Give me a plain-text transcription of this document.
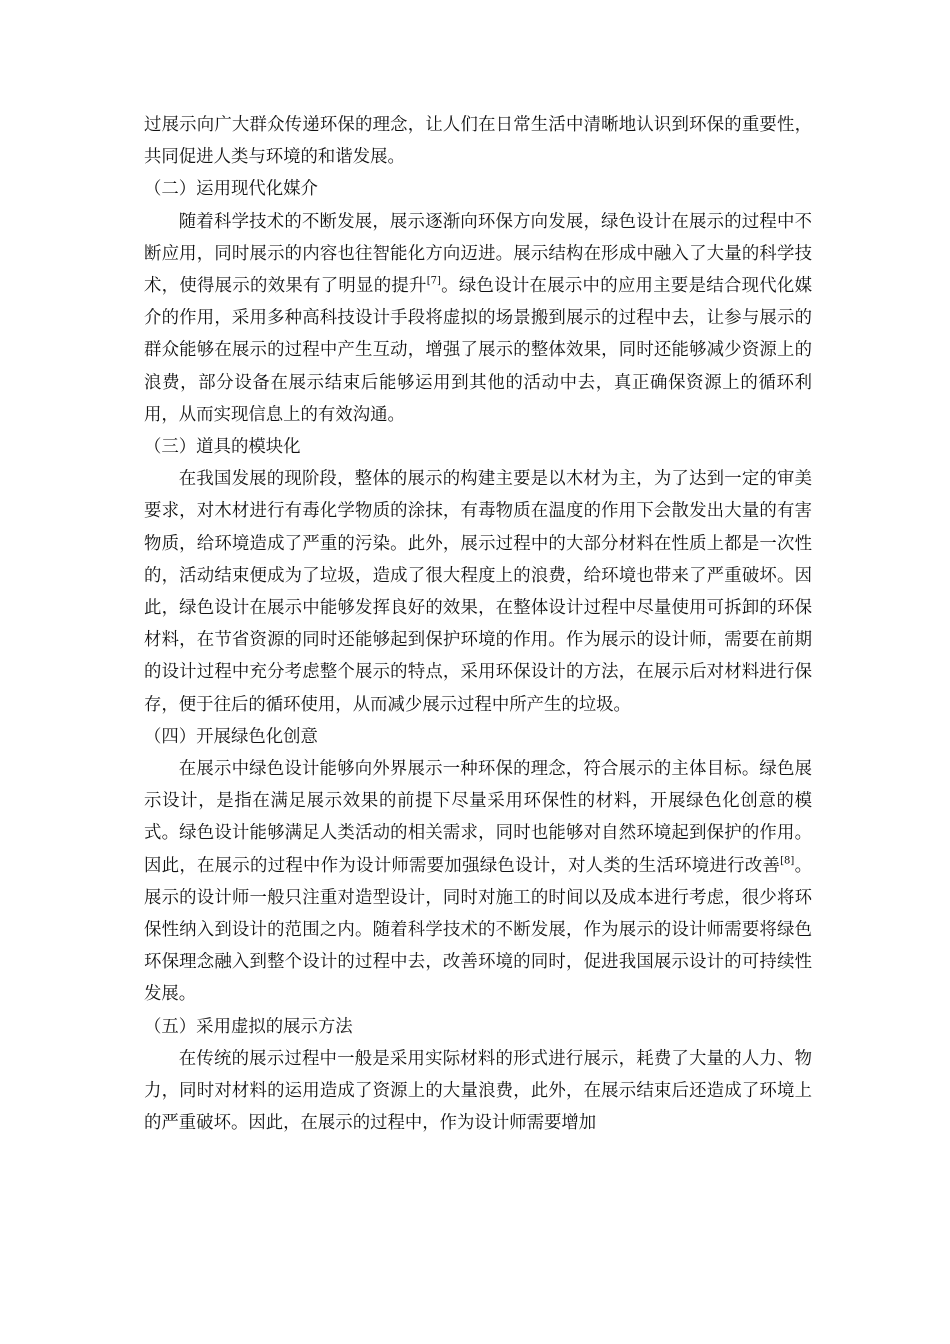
过展示向广大群众传递环保的理念，让人们在日常生活中清晰地认识到环保的重要性，共同促进人类与环境的和谐发展。

（二）运用现代化媒介

随着科学技术的不断发展，展示逐渐向环保方向发展，绿色设计在展示的过程中不断应用，同时展示的内容也往智能化方向迈进。展示结构在形成中融入了大量的科学技术，使得展示的效果有了明显的提升[7]。绿色设计在展示中的应用主要是结合现代化媒介的作用，采用多种高科技设计手段将虚拟的场景搬到展示的过程中去，让参与展示的群众能够在展示的过程中产生互动，增强了展示的整体效果，同时还能够减少资源上的浪费，部分设备在展示结束后能够运用到其他的活动中去，真正确保资源上的循环利用，从而实现信息上的有效沟通。

（三）道具的模块化

在我国发展的现阶段，整体的展示的构建主要是以木材为主，为了达到一定的审美要求，对木材进行有毒化学物质的涂抹，有毒物质在温度的作用下会散发出大量的有害物质，给环境造成了严重的污染。此外，展示过程中的大部分材料在性质上都是一次性的，活动结束便成为了垃圾，造成了很大程度上的浪费，给环境也带来了严重破坏。因此，绿色设计在展示中能够发挥良好的效果，在整体设计过程中尽量使用可拆卸的环保材料，在节省资源的同时还能够起到保护环境的作用。作为展示的设计师，需要在前期的设计过程中充分考虑整个展示的特点，采用环保设计的方法，在展示后对材料进行保存，便于往后的循环使用，从而减少展示过程中所产生的垃圾。

（四）开展绿色化创意

在展示中绿色设计能够向外界展示一种环保的理念，符合展示的主体目标。绿色展示设计，是指在满足展示效果的前提下尽量采用环保性的材料，开展绿色化创意的模式。绿色设计能够满足人类活动的相关需求，同时也能够对自然环境起到保护的作用。因此，在展示的过程中作为设计师需要加强绿色设计，对人类的生活环境进行改善[8]。展示的设计师一般只注重对造型设计，同时对施工的时间以及成本进行考虑，很少将环保性纳入到设计的范围之内。随着科学技术的不断发展，作为展示的设计师需要将绿色环保理念融入到整个设计的过程中去，改善环境的同时，促进我国展示设计的可持续性发展。

（五）采用虚拟的展示方法

在传统的展示过程中一般是采用实际材料的形式进行展示，耗费了大量的人力、物力，同时对材料的运用造成了资源上的大量浪费，此外，在展示结束后还造成了环境上的严重破坏。因此，在展示的过程中，作为设计师需要增加
